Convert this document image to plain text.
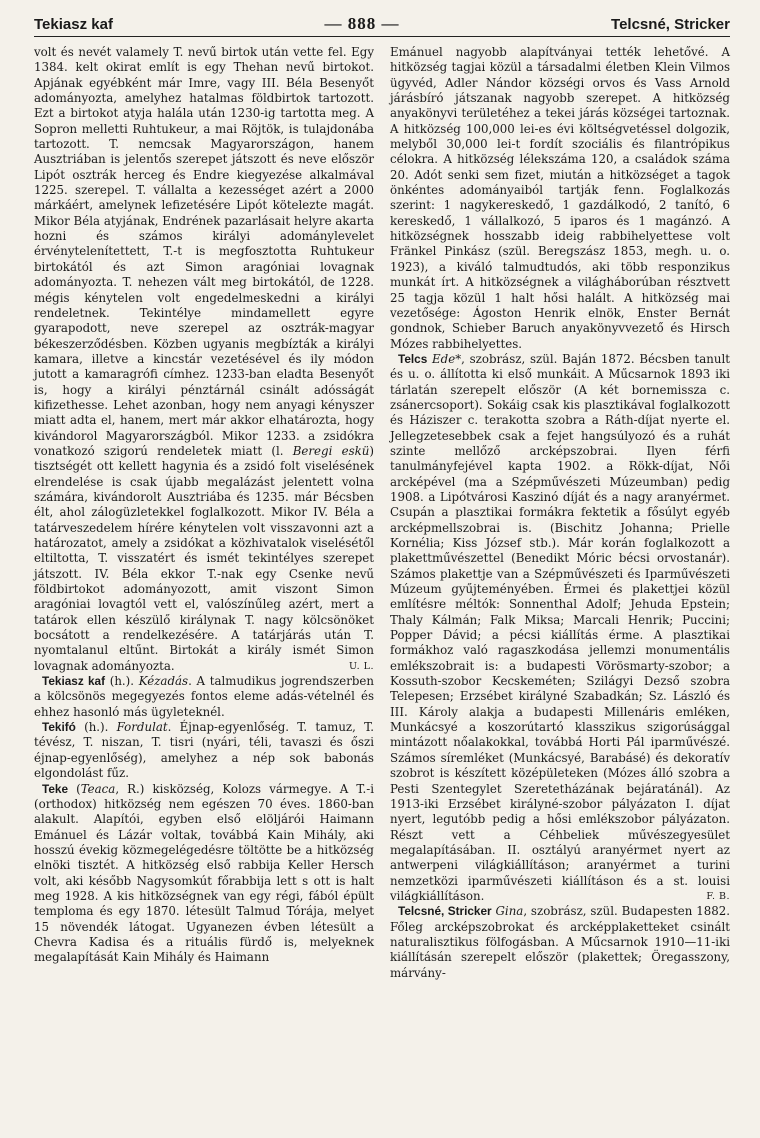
Tekiasz kaf	— 888 —	Telcsné, Stricker

volt és nevét valamely T. nevű birtok után vette fel. Egy 1384. kelt okirat említ is egy Thehan nevű birtokot. Apjának egyébként már Imre, vagy III. Béla Besenyőt adományozta, amelyhez hatalmas földbirtok tartozott. Ezt a birtokot atyja halála után 1230-ig tartotta meg. A Sopron melletti Ruhtukeur, a mai Röjtök, is tulajdonába tartozott. T. nemcsak Magyarországon, hanem Ausztriában is jelentős szerepet játszott és neve először Lipót osztrák herceg és Endre kiegyezése alkalmával 1225. szerepel. T. vállalta a kezességet azért a 2000 márkáért, amelynek lefizetésére Lipót kötelezte magát. Mikor Béla atyjának, Endrének pazarlásait helyre akarta hozni és számos királyi adománylevelet érvénytelenítettett, T.-t is megfosztotta Ruhtukeur birtokától és azt Simon aragóniai lovagnak adományozta. T. nehezen vált meg birtokától, de 1228. mégis kénytelen volt engedelmeskedni a királyi rendeletnek. Tekintélye mindamellett egyre gyarapodott, neve szerepel az osztrák-magyar békeszerződésben. Közben ugyanis megbízták a királyi kamara, illetve a kincstár vezetésével és ily módon jutott a kamaragrófi címhez. 1233-ban eladta Besenyőt is, hogy a királyi pénztárnál csinált adósságát kifizethesse. Lehet azonban, hogy nem anyagi kényszer miatt adta el, hanem, mert már akkor elhatározta, hogy kivándorol Magyarországból. Mikor 1233. a zsidókra vonatkozó szigorú rendeletek miatt (l. Beregi eskü) tisztségét ott kellett hagynia és a zsidó folt viselésének elrendelése is csak újabb megalázást jelentett volna számára, kivándorolt Ausztriába és 1235. már Bécsben élt, ahol zálogüzletekkel foglalkozott. Mikor IV. Béla a tatárveszedelem hírére kénytelen volt visszavonni azt a határozatot, amely a zsidókat a közhivatalok viselésétől eltiltotta, T. visszatért és ismét tekintélyes szerepet játszott. IV. Béla ekkor T.-nak egy Csenke nevű földbirtokot adományozott, amit viszont Simon aragóniai lovagtól vett el, valószínűleg azért, mert a tatárok ellen készülő királynak T. nagy kölcsönöket bocsátott a rendelkezésére. A tatárjárás után T. nyomtalanul eltűnt. Birtokát a király ismét Simon lovagnak adományozta.	U. L.

Tekiasz kaf (h.). Kézadás. A talmudikus jogrendszerben a kölcsönös megegyezés fontos eleme adás-vételnél és ehhez hasonló más ügyleteknél.

Tekifó (h.). Fordulat. Éjnap-egyenlőség. T. tamuz, T. tévész, T. niszan, T. tisri (nyári, téli, tavaszi és őszi éjnap-egyenlőség), amelyhez a nép sok babonás elgondolást fűz.

Teke (Teaca, R.) kisközség, Kolozs vármegye. A T.-i (orthodox) hitközség nem egészen 70 éves. 1860-ban alakult. Alapítói, egyben első elöljárói Haimann Emánuel és Lázár voltak, továbbá Kain Mihály, aki hosszú évekig közmegelégedésre töltötte be a hitközség elnöki tisztét. A hitközség első rabbija Keller Hersch volt, aki később Nagysomkút főrabbija lett s ott is halt meg 1928. A kis hitközségnek van egy régi, fából épült temploma és egy 1870. létesült Talmud Tórája, melyet 15 növendék látogat. Ugyanezen évben létesült a Chevra Kadisa és a rituális fürdő is, melyeknek megalapítását Kain Mihály és Haimann

Emánuel nagyobb alapítványai tették lehetővé. A hitközség tagjai közül a társadalmi életben Klein Vilmos ügyvéd, Adler Nándor községi orvos és Vass Arnold járásbíró játszanak nagyobb szerepet. A hitközség anyakönyvi területéhez a tekei járás községei tartoznak. A hitközség 100,000 lei-es évi költségvetéssel dolgozik, melyből 30,000 lei-t fordít szociális és filantrópikus célokra. A hitközség lélekszáma 120, a családok száma 20. Adót senki sem fizet, miután a hitközséget a tagok önkéntes adományaiból tartják fenn. Foglalkozás szerint: 1 nagykereskedő, 1 gazdálkodó, 2 tanító, 6 kereskedő, 1 vállalkozó, 5 iparos és 1 magánzó. A hitközségnek hosszabb ideig rabbihelyettese volt Fränkel Pinkász (szül. Beregszász 1853, megh. u. o. 1923), a kiváló talmudtudós, aki több responzikus munkát írt. A hitközségnek a világháborúban résztvett 25 tagja közül 1 halt hősi halált. A hitközség mai vezetősége: Ágoston Henrik elnök, Enster Bernát gondnok, Schieber Baruch anyakönyvvezető és Hirsch Mózes rabbihelyettes.

Telcs Ede*, szobrász, szül. Baján 1872. Bécsben tanult és u. o. állította ki első munkáit. A Műcsarnok 1893 iki tárlatán szerepelt először (A két bornemissza c. zsánercsoport). Sokáig csak kis plasztikával foglalkozott és Háziszer c. terakotta szobra a Ráth-díjat nyerte el. Jellegzetesebbek csak a fejet hangsúlyozó és a ruhát szinte mellőző arcképszobrai. Ilyen férfi tanulmányfejével kapta 1902. a Rökk-díjat, Női arcképével (ma a Szépművészeti Múzeumban) pedig 1908. a Lipótvárosi Kaszinó díját és a nagy aranyérmet. Csupán a plasztikai formákra fektetik a fősúlyt egyéb arcképmellszobrai is. (Bischitz Johanna; Prielle Kornélia; Kiss József stb.). Már korán foglalkozott a plakettművészettel (Benedikt Móric bécsi orvostanár). Számos plakettje van a Szépművészeti és Iparművészeti Múzeum gyűjteményében. Érmei és plakettjei közül említésre méltók: Sonnenthal Adolf; Jehuda Epstein; Thaly Kálmán; Falk Miksa; Marcali Henrik; Puccini; Popper Dávid; a pécsi kiállítás érme. A plasztikai formákhoz való ragaszkodása jellemzi monumentális emlékszobrait is: a budapesti Vörösmarty-szobor; a Kossuth-szobor Kecskeméten; Szilágyi Dezső szobra Telepesen; Erzsébet királyné Szabadkán; Sz. László és III. Károly alakja a budapesti Millenáris emléken, Munkácsyé a koszorútartó klasszikus szigorúsággal mintázott nőalakokkal, továbbá Horti Pál iparművészé. Számos síremléket (Munkácsyé, Barabásé) és dekoratív szobrot is készített középületeken (Mózes álló szobra a Pesti Szentegylet Szeretetházának bejáratánál). Az 1913-iki Erzsébet királyné-szobor pályázaton I. díjat nyert, legutóbb pedig a hősi emlékszobor pályázaton. Részt vett a Céhbeliek művészegyesület megalapításában. II. osztályú aranyérmet nyert az antwerpeni világkiállításon; aranyérmet a turini nemzetközi iparművészeti kiállításon és a st. louisi világkiállításon.	F. B.

Telcsné, Stricker Gina, szobrász, szül. Budapesten 1882. Főleg arcképszobrokat és arcképplaketteket csinált naturalisztikus fölfogásban. A Műcsarnok 1910—11-iki kiállításán szerepelt először (plakettek; Öregasszony, márvány-
